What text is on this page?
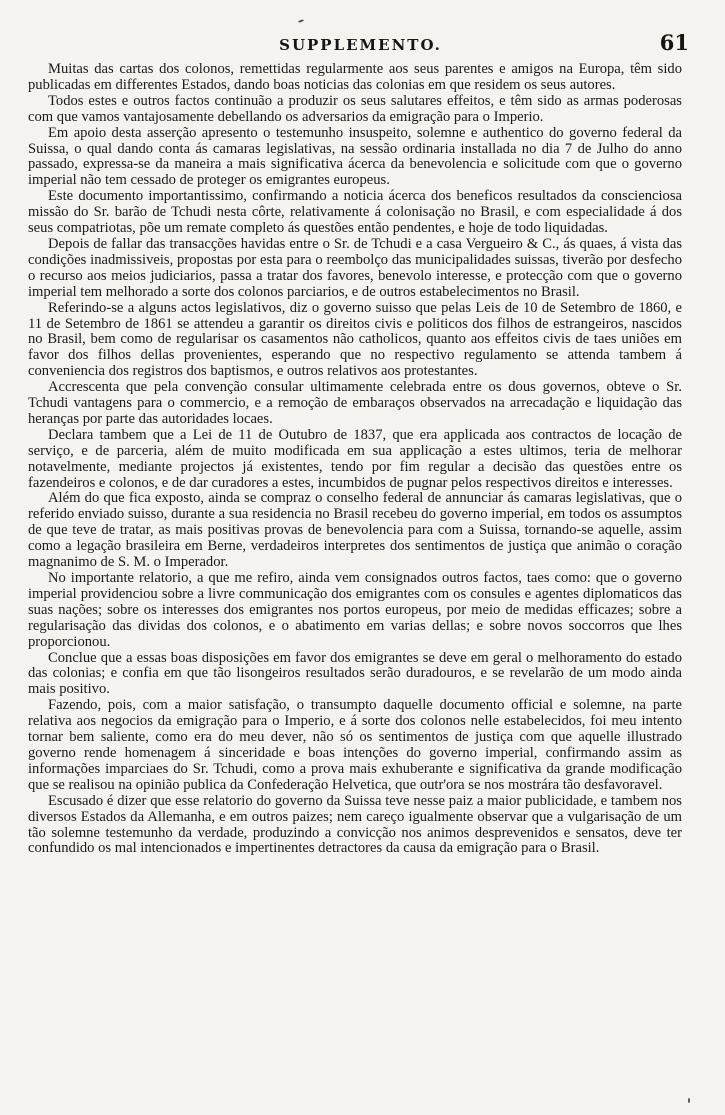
SUPPLEMENTO.	61

Muitas das cartas dos colonos, remettidas regularmente aos seus parentes e amigos na Europa, têm sido publicadas em differentes Estados, dando boas noticias das colonias em que residem os seus autores.

Todos estes e outros factos continuão a produzir os seus salutares effeitos, e têm sido as armas poderosas com que vamos vantajosamente debellando os adversarios da emigração para o Imperio.

Em apoio desta asserção apresento o testemunho insuspeito, solemne e authentico do governo federal da Suissa, o qual dando conta ás camaras legislativas, na sessão ordinaria installada no dia 7 de Julho do anno passado, expressa-se da maneira a mais significativa ácerca da benevolencia e solicitude com que o governo imperial não tem cessado de proteger os emigrantes europeus.

Este documento importantissimo, confirmando a noticia ácerca dos beneficos resultados da conscienciosa missão do Sr. barão de Tchudi nesta côrte, relativamente á colonisação no Brasil, e com especialidade á dos seus compatriotas, põe um remate completo ás questões então pendentes, e hoje de todo liquidadas.

Depois de fallar das transacções havidas entre o Sr. de Tchudi e a casa Vergueiro & C., ás quaes, á vista das condições inadmissiveis, propostas por esta para o reembolço das municipalidades suissas, tiverão por desfecho o recurso aos meios judiciarios, passa a tratar dos favores, benevolo interesse, e protecção com que o governo imperial tem melhorado a sorte dos colonos parciarios, e de outros estabelecimentos no Brasil.

Referindo-se a alguns actos legislativos, diz o governo suisso que pelas Leis de 10 de Setembro de 1860, e 11 de Setembro de 1861 se attendeu a garantir os direitos civis e politicos dos filhos de estrangeiros, nascidos no Brasil, bem como de regularisar os casamentos não catholicos, quanto aos effeitos civis de taes uniões em favor dos filhos dellas provenientes, esperando que no respectivo regulamento se attenda tambem á conveniencia dos registros dos baptismos, e outros relativos aos protestantes.

Accrescenta que pela convenção consular ultimamente celebrada entre os dous governos, obteve o Sr. Tchudi vantagens para o commercio, e a remoção de embaraços observados na arrecadação e liquidação das heranças por parte das autoridades locaes.

Declara tambem que a Lei de 11 de Outubro de 1837, que era applicada aos contractos de locação de serviço, e de parceria, além de muito modificada em sua applicação a estes ultimos, teria de melhorar notavelmente, mediante projectos já existentes, tendo por fim regular a decisão das questões entre os fazendeiros e colonos, e de dar curadores a estes, incumbidos de pugnar pelos respectivos direitos e interesses.

Além do que fica exposto, ainda se compraz o conselho federal de annunciar ás camaras legislativas, que o referido enviado suisso, durante a sua residencia no Brasil recebeu do governo imperial, em todos os assumptos de que teve de tratar, as mais positivas provas de benevolencia para com a Suissa, tornando-se aquelle, assim como a legação brasileira em Berne, verdadeiros interpretes dos sentimentos de justiça que animão o coração magnanimo de S. M. o Imperador.

No importante relatorio, a que me refiro, ainda vem consignados outros factos, taes como: que o governo imperial providenciou sobre a livre communicação dos emigrantes com os consules e agentes diplomaticos das suas nações; sobre os interesses dos emigrantes nos portos europeus, por meio de medidas efficazes; sobre a regularisação das dividas dos colonos, e o abatimento em varias dellas; e sobre novos soccorros que lhes proporcionou.

Conclue que a essas boas disposições em favor dos emigrantes se deve em geral o melhoramento do estado das colonias; e confia em que tão lisongeiros resultados serão duradouros, e se revelarão de um modo ainda mais positivo.

Fazendo, pois, com a maior satisfação, o transumpto daquelle documento official e solemne, na parte relativa aos negocios da emigração para o Imperio, e á sorte dos colonos nelle estabelecidos, foi meu intento tornar bem saliente, como era do meu dever, não só os sentimentos de justiça com que aquelle illustrado governo rende homenagem á sinceridade e boas intenções do governo imperial, confirmando assim as informações imparciaes do Sr. Tchudi, como a prova mais exhuberante e significativa da grande modificação que se realisou na opinião publica da Confederação Helvetica, que outr'ora se nos mostrára tão desfavoravel.

Escusado é dizer que esse relatorio do governo da Suissa teve nesse paiz a maior publicidade, e tambem nos diversos Estados da Allemanha, e em outros paizes; nem careço igualmente observar que a vulgarisação de um tão solemne testemunho da verdade, produzindo a convicção nos animos desprevenidos e sensatos, deve ter confundido os mal intencionados e impertinentes detractores da causa da emigração para o Brasil.
